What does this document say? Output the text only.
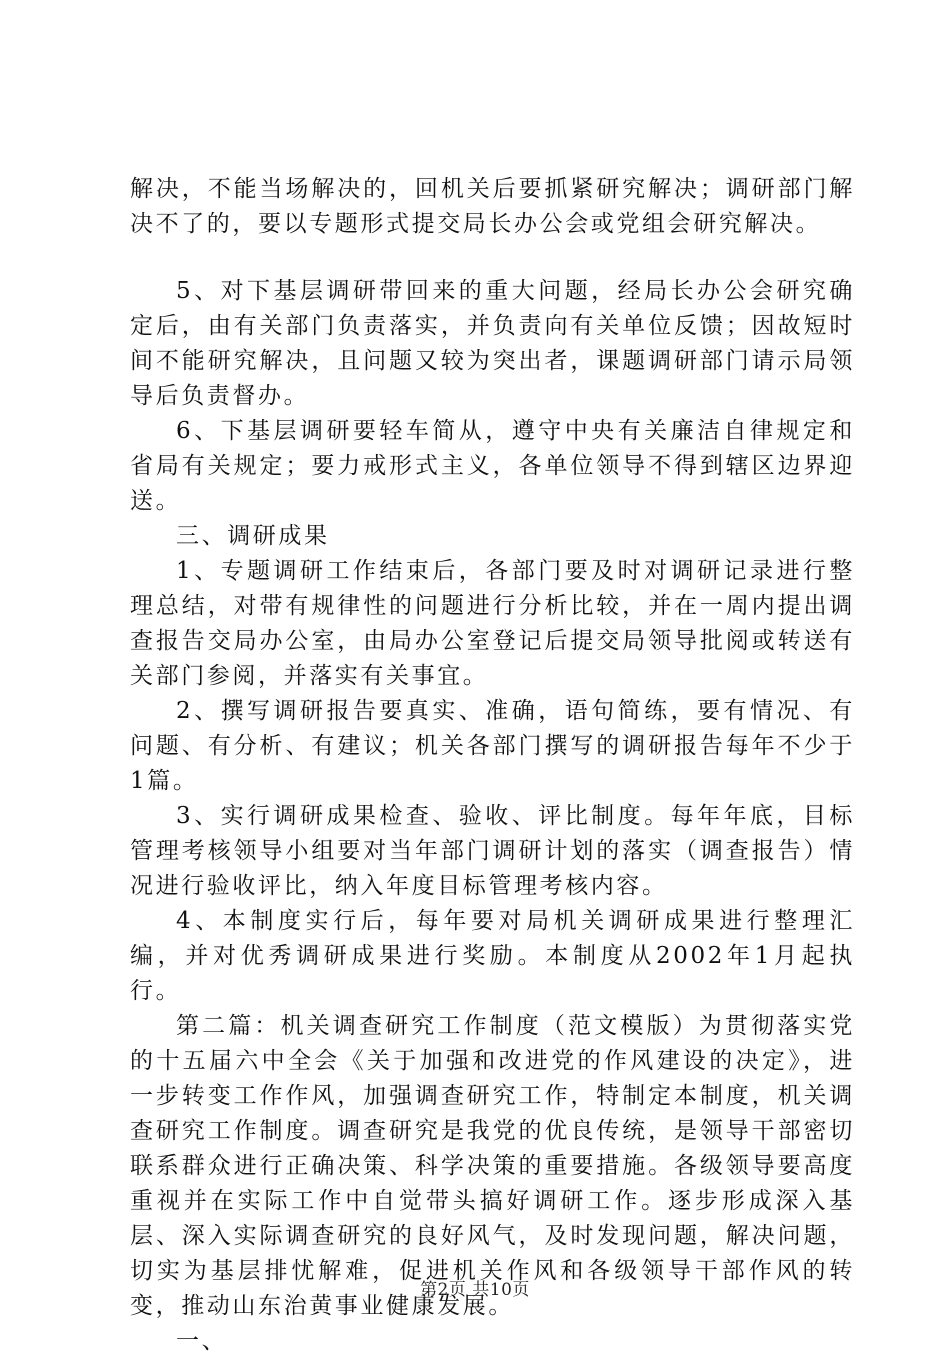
解决，不能当场解决的，回机关后要抓紧研究解决；调研部门解决不了的，要以专题形式提交局长办公会或党组会研究解决。

5、对下基层调研带回来的重大问题，经局长办公会研究确定后，由有关部门负责落实，并负责向有关单位反馈；因故短时间不能研究解决，且问题又较为突出者，课题调研部门请示局领导后负责督办。

6、下基层调研要轻车简从，遵守中央有关廉洁自律规定和省局有关规定；要力戒形式主义，各单位领导不得到辖区边界迎送。

三、调研成果

1、专题调研工作结束后，各部门要及时对调研记录进行整理总结，对带有规律性的问题进行分析比较，并在一周内提出调查报告交局办公室，由局办公室登记后提交局领导批阅或转送有关部门参阅，并落实有关事宜。

2、撰写调研报告要真实、准确，语句简练，要有情况、有问题、有分析、有建议；机关各部门撰写的调研报告每年不少于1篇。

3、实行调研成果检查、验收、评比制度。每年年底，目标管理考核领导小组要对当年部门调研计划的落实（调查报告）情况进行验收评比，纳入年度目标管理考核内容。

4、本制度实行后，每年要对局机关调研成果进行整理汇编，并对优秀调研成果进行奖励。本制度从2002年1月起执行。

第二篇：机关调查研究工作制度（范文模版）为贯彻落实党的十五届六中全会《关于加强和改进党的作风建设的决定》，进一步转变工作作风，加强调查研究工作，特制定本制度，机关调查研究工作制度。调查研究是我党的优良传统，是领导干部密切联系群众进行正确决策、科学决策的重要措施。各级领导要高度重视并在实际工作中自觉带头搞好调研工作。逐步形成深入基层、深入实际调查研究的良好风气，及时发现问题，解决问题，切实为基层排忧解难，促进机关作风和各级领导干部作风的转变，推动山东治黄事业健康发展。

一、

第2页 共10页
